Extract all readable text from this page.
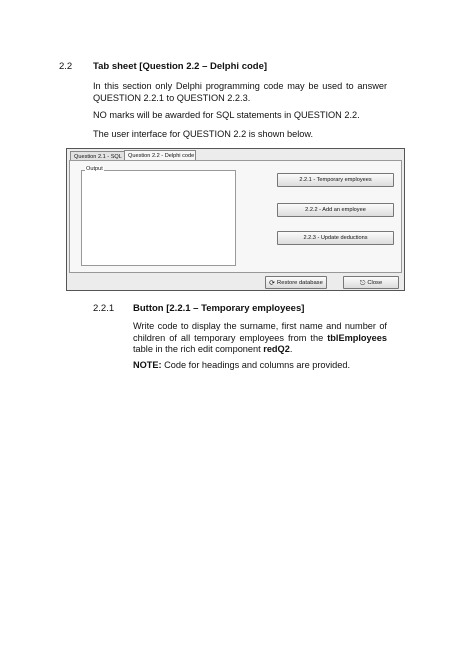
2.2 Tab sheet [Question 2.2 – Delphi code]
In this section only Delphi programming code may be used to answer QUESTION 2.2.1 to QUESTION 2.2.3.
NO marks will be awarded for SQL statements in QUESTION 2.2.
The user interface for QUESTION 2.2 is shown below.
Question 2.1 - SQL	Question 2.2 - Delphi code
Output
2.2.1 - Temporary employees
2.2.2 - Add an employee
2.2.3 - Update deductions
⟳ Restore database	⎋ Close
2.2.1 Button [2.2.1 – Temporary employees]
Write code to display the surname, first name and number of children of all temporary employees from the tblEmployees table in the rich edit component redQ2.
NOTE: Code for headings and columns are provided.
